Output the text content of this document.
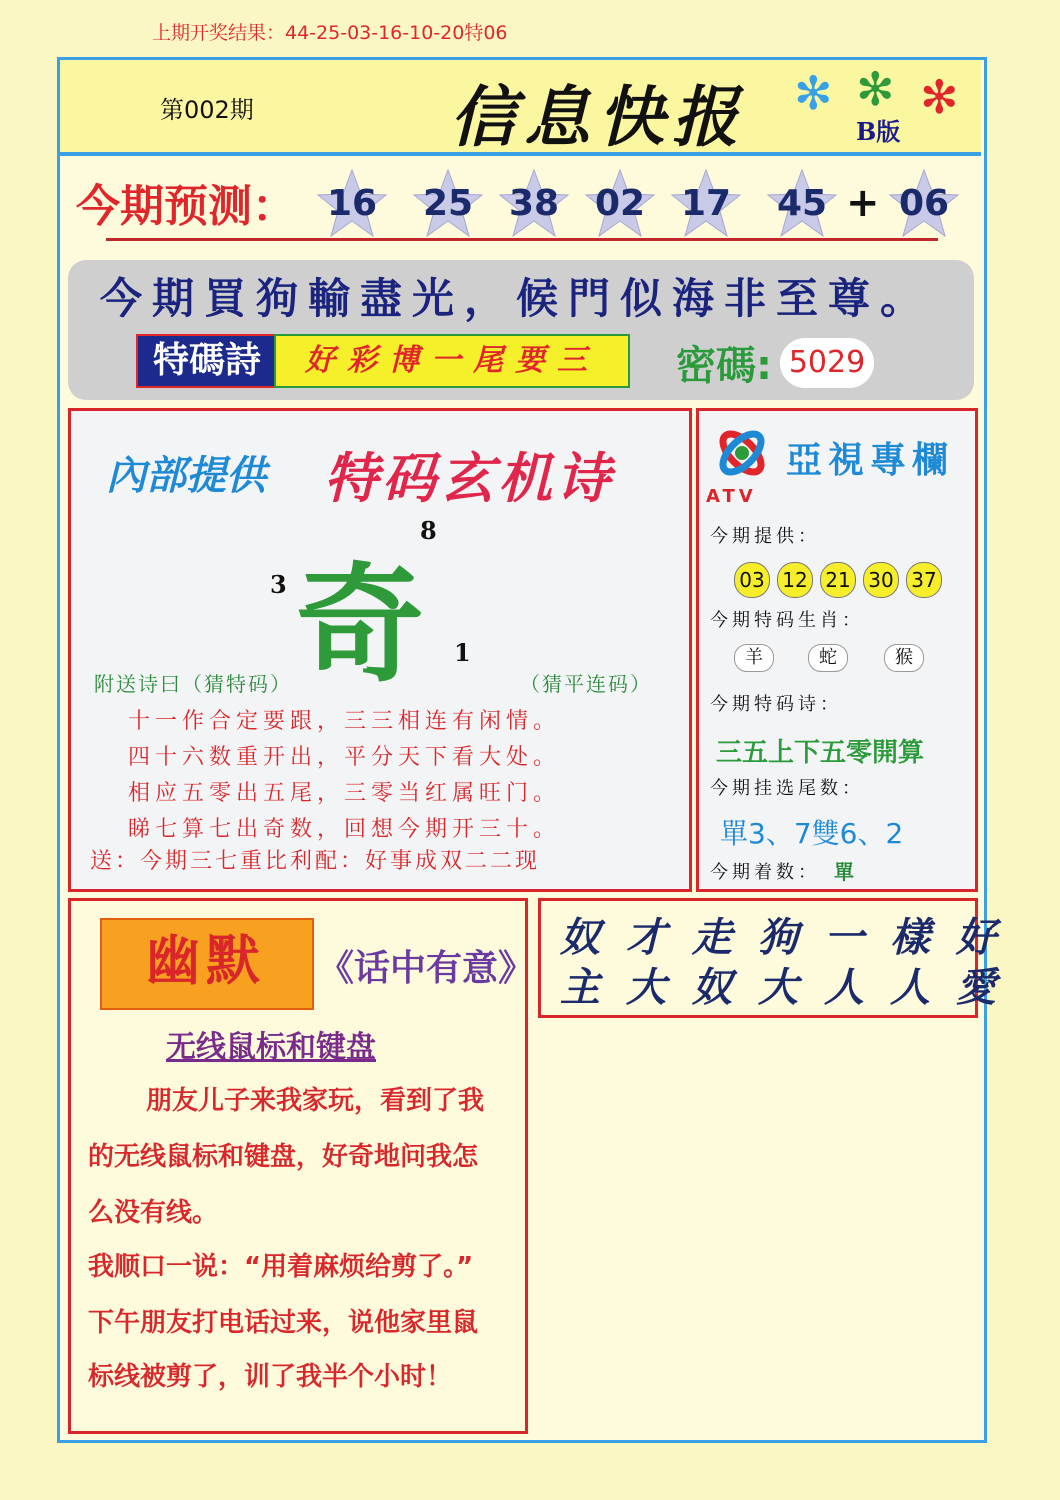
上期开奖结果：44-25-03-16-10-20特06
第002期	信息快报 ✻ ✻ ✻
B版
今期预测： 16	25 38 02 17	45 + 06
今期買狗輸盡光，候門似海非至尊。
特碼詩	好彩博一尾要三	密碼: 5029
內部提供 特码玄机诗
奇
8
3
1
附送诗曰（猜特码）	（猜平连码）
十一作合定要跟，三三相连有闲情。
四十六数重开出，平分天下看大处。
相应五零出五尾，三零当红属旺门。
睇七算七出奇数，回想今期开三十。
送：今期三七重比利配：好事成双二二现
ATV
亞視專欄
今期提供：
03 12 21 30 37
今期特码生肖：
羊	蛇	猴
今期特码诗：
三五上下五零開算
今期挂选尾数：
單3、7雙6、2
今期着数： 單
幽默	《话中有意》
无线鼠标和键盘
朋友儿子来我家玩，看到了我
的无线鼠标和键盘，好奇地问我怎
么没有线。
我顺口一说：“用着麻烦给剪了。”
下午朋友打电话过来，说他家里鼠
标线被剪了，训了我半个小时！
奴才走狗一樣好
主大奴大人人愛
